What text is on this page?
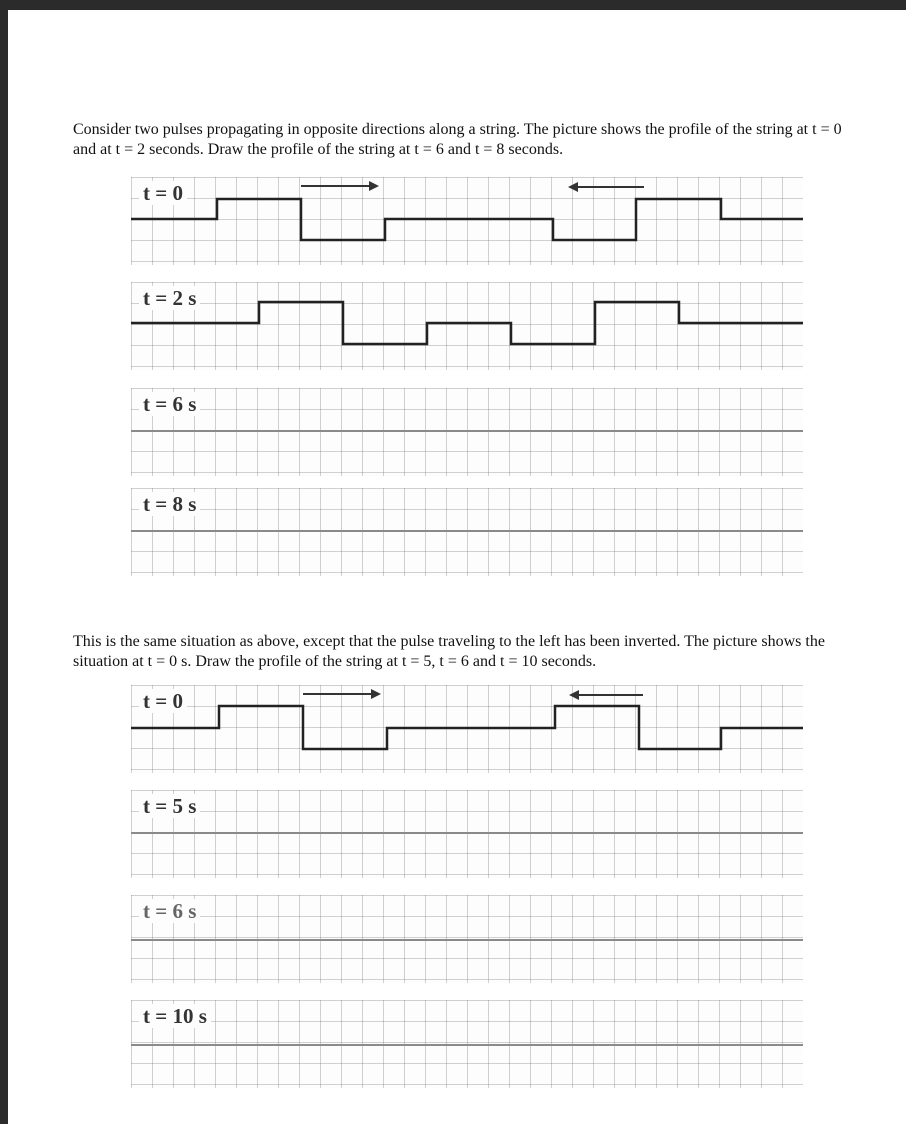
Consider two pulses propagating in opposite directions along a string. The picture shows the profile of the string at t = 0 and at t = 2 seconds. Draw the profile of the string at t = 6 and t = 8 seconds.
t = 0
t = 2 s
t = 6 s
t = 8 s
This is the same situation as above, except that the pulse traveling to the left has been inverted. The picture shows the situation at t = 0 s. Draw the profile of the string at t = 5, t = 6 and t = 10 seconds.
t = 0
t = 5 s
t = 6 s
t = 10 s
